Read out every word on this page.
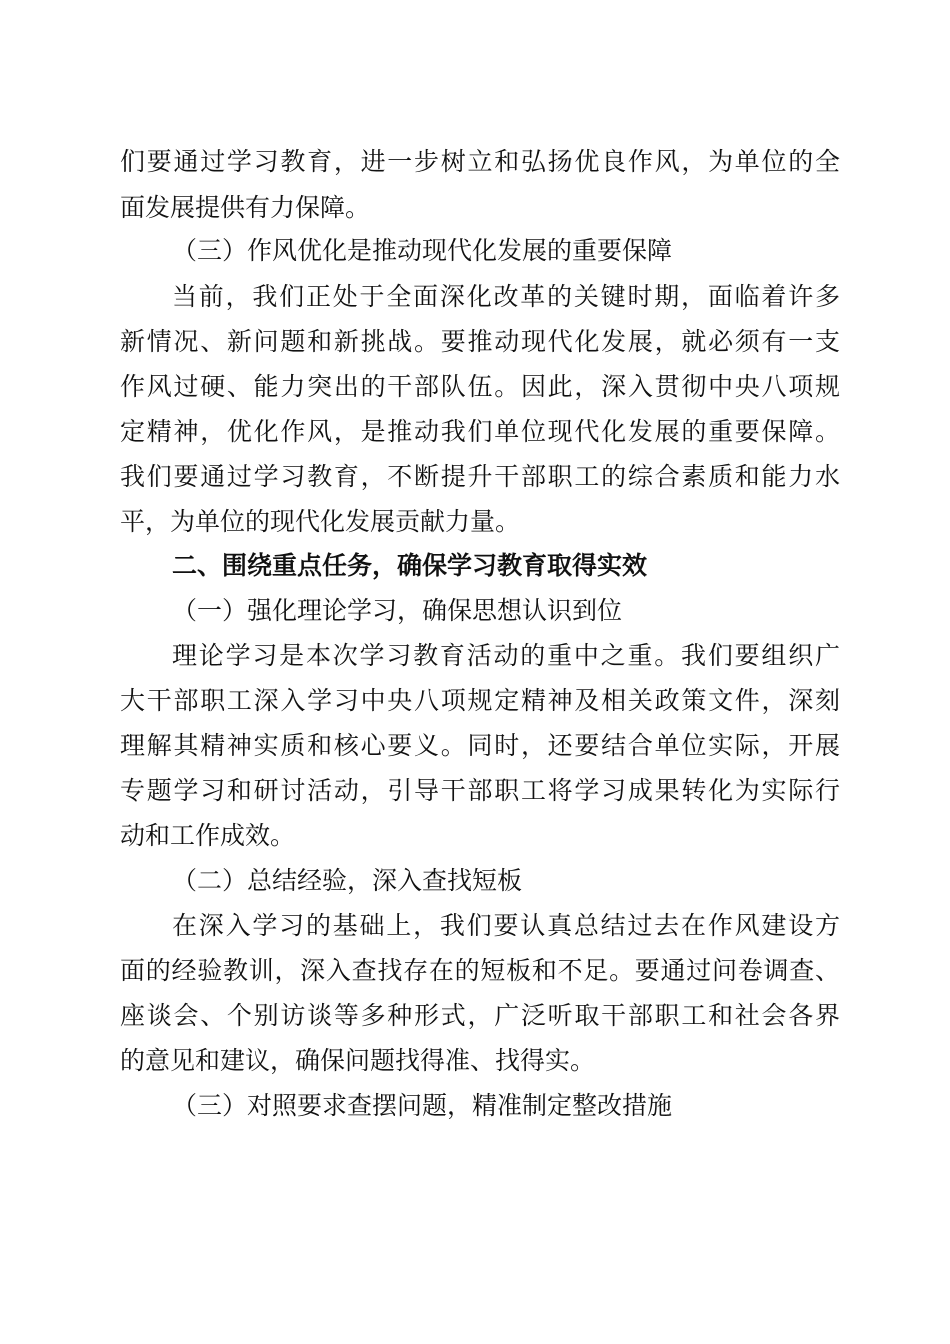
们要通过学习教育，进一步树立和弘扬优良作风，为单位的全
面发展提供有力保障。
（三）作风优化是推动现代化发展的重要保障
当前，我们正处于全面深化改革的关键时期，面临着许多
新情况、新问题和新挑战。要推动现代化发展，就必须有一支
作风过硬、能力突出的干部队伍。因此，深入贯彻中央八项规
定精神，优化作风，是推动我们单位现代化发展的重要保障。
我们要通过学习教育，不断提升干部职工的综合素质和能力水
平，为单位的现代化发展贡献力量。
二、围绕重点任务，确保学习教育取得实效
（一）强化理论学习，确保思想认识到位
理论学习是本次学习教育活动的重中之重。我们要组织广
大干部职工深入学习中央八项规定精神及相关政策文件，深刻
理解其精神实质和核心要义。同时，还要结合单位实际，开展
专题学习和研讨活动，引导干部职工将学习成果转化为实际行
动和工作成效。
（二）总结经验，深入查找短板
在深入学习的基础上，我们要认真总结过去在作风建设方
面的经验教训，深入查找存在的短板和不足。要通过问卷调查、
座谈会、个别访谈等多种形式，广泛听取干部职工和社会各界
的意见和建议，确保问题找得准、找得实。
（三）对照要求查摆问题，精准制定整改措施
